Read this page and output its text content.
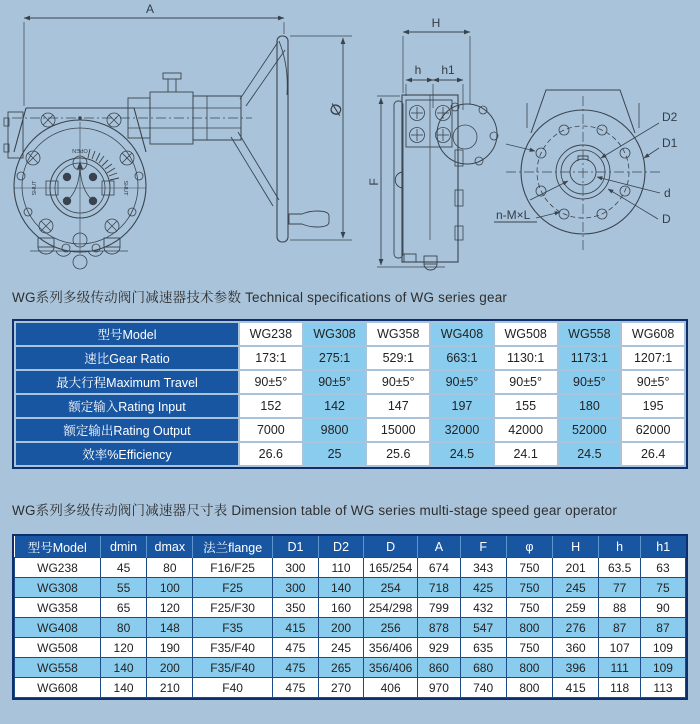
A
OPEN
SHUT	SHUT
Ø
H
h h1
F
D2
D1
d
D
n-M×L
WG系列多级传动阀门减速器技术参数 Technical specifications of WG series gear
型号Model	WG238	WG308	WG358	WG408	WG508	WG558	WG608
速比Gear Ratio	173:1	275:1	529:1	663:1	1130:1	1173:1	1207:1
最大行程Maximum Travel	90±5°	90±5°	90±5°	90±5°	90±5°	90±5°	90±5°
额定输入Rating Input	152	142	147	197	155	180	195
额定输出Rating Output	7000	9800	15000	32000	42000	52000	62000
效率%Efficiency	26.6	25	25.6	24.5	24.1	24.5	26.4
WG系列多级传动阀门减速器尺寸表 Dimension table of WG series multi-stage speed gear operator
型号Model	dmin	dmax	法兰flange	D1	D2	D	A	F	φ	H	h	h1
WG238	45	80	F16/F25	300	110	165/254	674	343	750	201	63.5	63
WG308	55	100	F25	300	140	254	718	425	750	245	77	75
WG358	65	120	F25/F30	350	160	254/298	799	432	750	259	88	90
WG408	80	148	F35	415	200	256	878	547	800	276	87	87
WG508	120	190	F35/F40	475	245	356/406	929	635	750	360	107	109
WG558	140	200	F35/F40	475	265	356/406	860	680	800	396	111	109
WG608	140	210	F40	475	270	406	970	740	800	415	118	113
